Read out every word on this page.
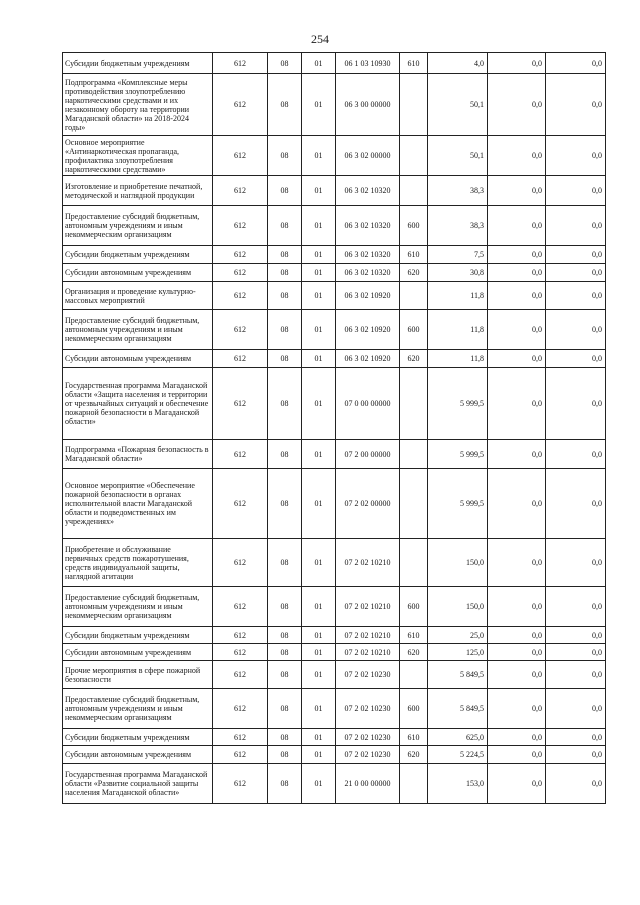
254
Субсидии бюджетным учреждениям	612	08	01	06 1 03 10930	610	4,0	0,0	0,0
Подпрограмма «Комплексные меры противодействия злоупотреблению наркотическими средствами и их незаконному обороту на территории Магаданской области» на 2018-2024 годы»	612	08	01	06 3 00 00000		50,1	0,0	0,0
Основное мероприятие «Антинаркотическая пропаганда, профилактика злоупотребления наркотическими средствами»	612	08	01	06 3 02 00000		50,1	0,0	0,0
Изготовление и приобретение печатной, методической и наглядной продукции	612	08	01	06 3 02 10320		38,3	0,0	0,0
Предоставление субсидий бюджетным, автономным учреждениям и иным некоммерческим организациям	612	08	01	06 3 02 10320	600	38,3	0,0	0,0
Субсидии бюджетным учреждениям	612	08	01	06 3 02 10320	610	7,5	0,0	0,0
Субсидии автономным учреждениям	612	08	01	06 3 02 10320	620	30,8	0,0	0,0
Организация и проведение культурно-массовых мероприятий	612	08	01	06 3 02 10920		11,8	0,0	0,0
Предоставление субсидий бюджетным, автономным учреждениям и иным некоммерческим организациям	612	08	01	06 3 02 10920	600	11,8	0,0	0,0
Субсидии автономным учреждениям	612	08	01	06 3 02 10920	620	11,8	0,0	0,0
Государственная программа Магаданской области «Защита населения и территории от чрезвычайных ситуаций и обеспечение пожарной безопасности в Магаданской области»	612	08	01	07 0 00 00000		5 999,5	0,0	0,0
Подпрограмма «Пожарная безопасность в Магаданской области»	612	08	01	07 2 00 00000		5 999,5	0,0	0,0
Основное мероприятие «Обеспечение пожарной безопасности в органах исполнительной власти Магаданской области и подведомственных им учреждениях»	612	08	01	07 2 02 00000		5 999,5	0,0	0,0
Приобретение и обслуживание первичных средств пожаротушения, средств индивидуальной защиты, наглядной агитации	612	08	01	07 2 02 10210		150,0	0,0	0,0
Предоставление субсидий бюджетным, автономным учреждениям и иным некоммерческим организациям	612	08	01	07 2 02 10210	600	150,0	0,0	0,0
Субсидии бюджетным учреждениям	612	08	01	07 2 02 10210	610	25,0	0,0	0,0
Субсидии автономным учреждениям	612	08	01	07 2 02 10210	620	125,0	0,0	0,0
Прочие мероприятия в сфере пожарной безопасности	612	08	01	07 2 02 10230		5 849,5	0,0	0,0
Предоставление субсидий бюджетным, автономным учреждениям и иным некоммерческим организациям	612	08	01	07 2 02 10230	600	5 849,5	0,0	0,0
Субсидии бюджетным учреждениям	612	08	01	07 2 02 10230	610	625,0	0,0	0,0
Субсидии автономным учреждениям	612	08	01	07 2 02 10230	620	5 224,5	0,0	0,0
Государственная программа Магаданской области «Развитие социальной защиты населения Магаданской области»	612	08	01	21 0 00 00000		153,0	0,0	0,0
